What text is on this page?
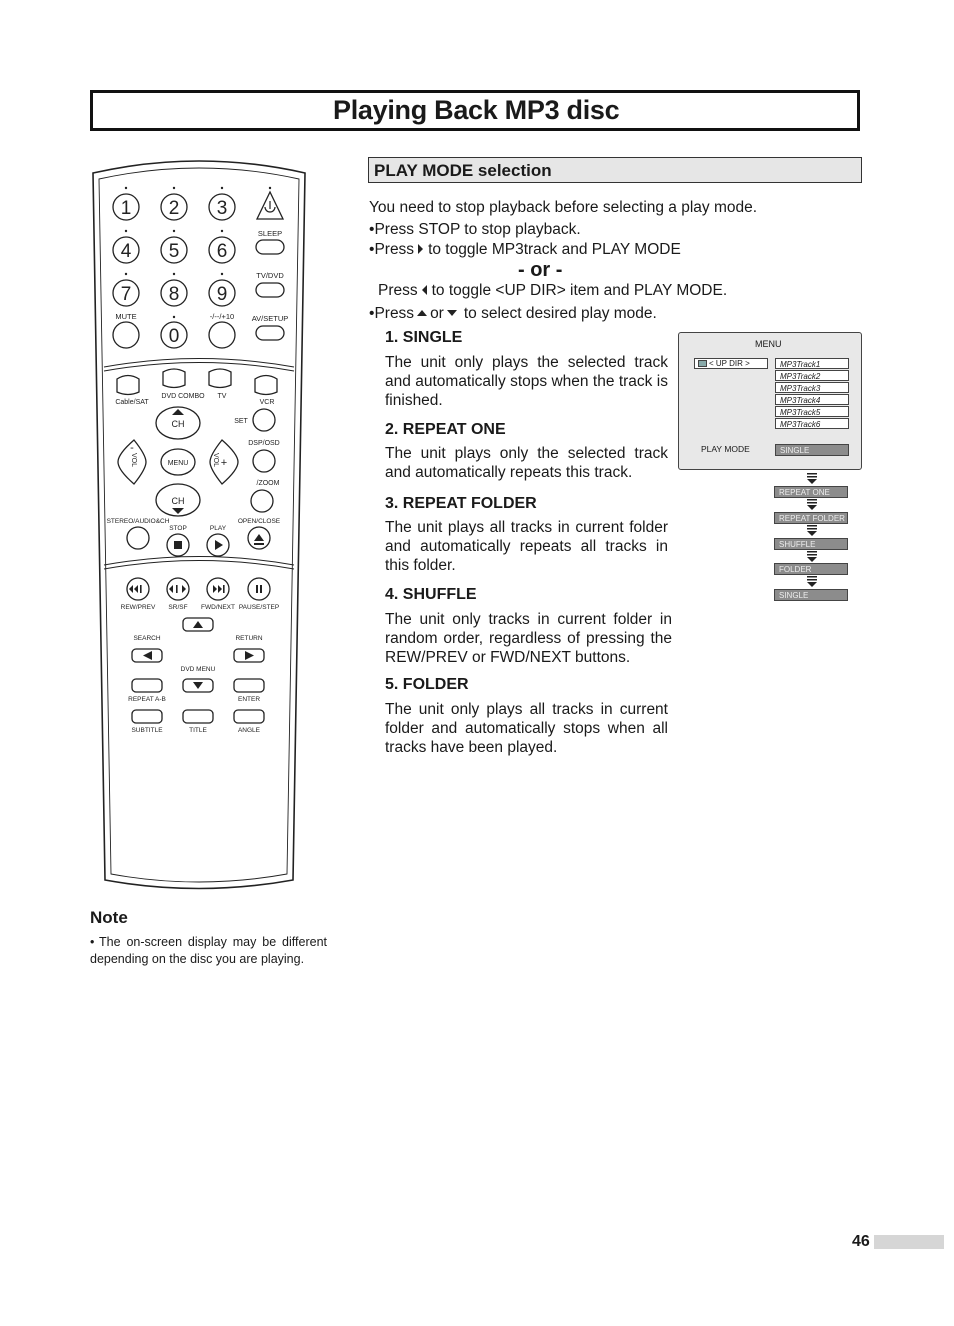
Playing Back MP3 disc
1 2 3
4 5 6
7 8 9
0
SLEEP
TV/DVD
MUTE	-/--/+10 AV/SETUP
Cable/SAT
DVD COMBO TV
VCR
CH
CH
MENU
VOL	VOL +
-
SET
DSP/OSD
/ZOOM
STEREO/AUDIO&CH
STOP	PLAY
OPEN/CLOSE
REW/PREV SR/SF FWD/NEXT PAUSE/STEP
SEARCH	RETURN
DVD MENU
REPEAT A-B	ENTER
SUBTITLE	TITLE	ANGLE
Note
• The on-screen display may be different depending on the disc you are playing.
PLAY MODE selection
You need to stop playback before selecting a play mode.
•Press STOP to stop playback.
•Press to toggle MP3track and PLAY MODE
- or -
Press to toggle <UP DIR> item and PLAY MODE.
•Press or to select desired play mode.
1. SINGLE
The unit only plays the selected track and automatically stops when the track is finished.
2. REPEAT ONE
The unit plays only the selected track and automatically repeats this track.
3. REPEAT FOLDER
The unit plays all tracks in current folder and automatically repeats all tracks in this folder.
4. SHUFFLE
The unit only tracks in current folder in random order, regardless of pressing the REW/PREV or FWD/NEXT buttons.
5. FOLDER
The unit only plays all tracks in current folder and automatically stops when all tracks have been played.
MENU
< UP DIR >	MP3Track1
MP3Track2
MP3Track3
MP3Track4
MP3Track5
MP3Track6
PLAY MODE	SINGLE
REPEAT ONE
REPEAT FOLDER
SHUFFLE
FOLDER
SINGLE
46
